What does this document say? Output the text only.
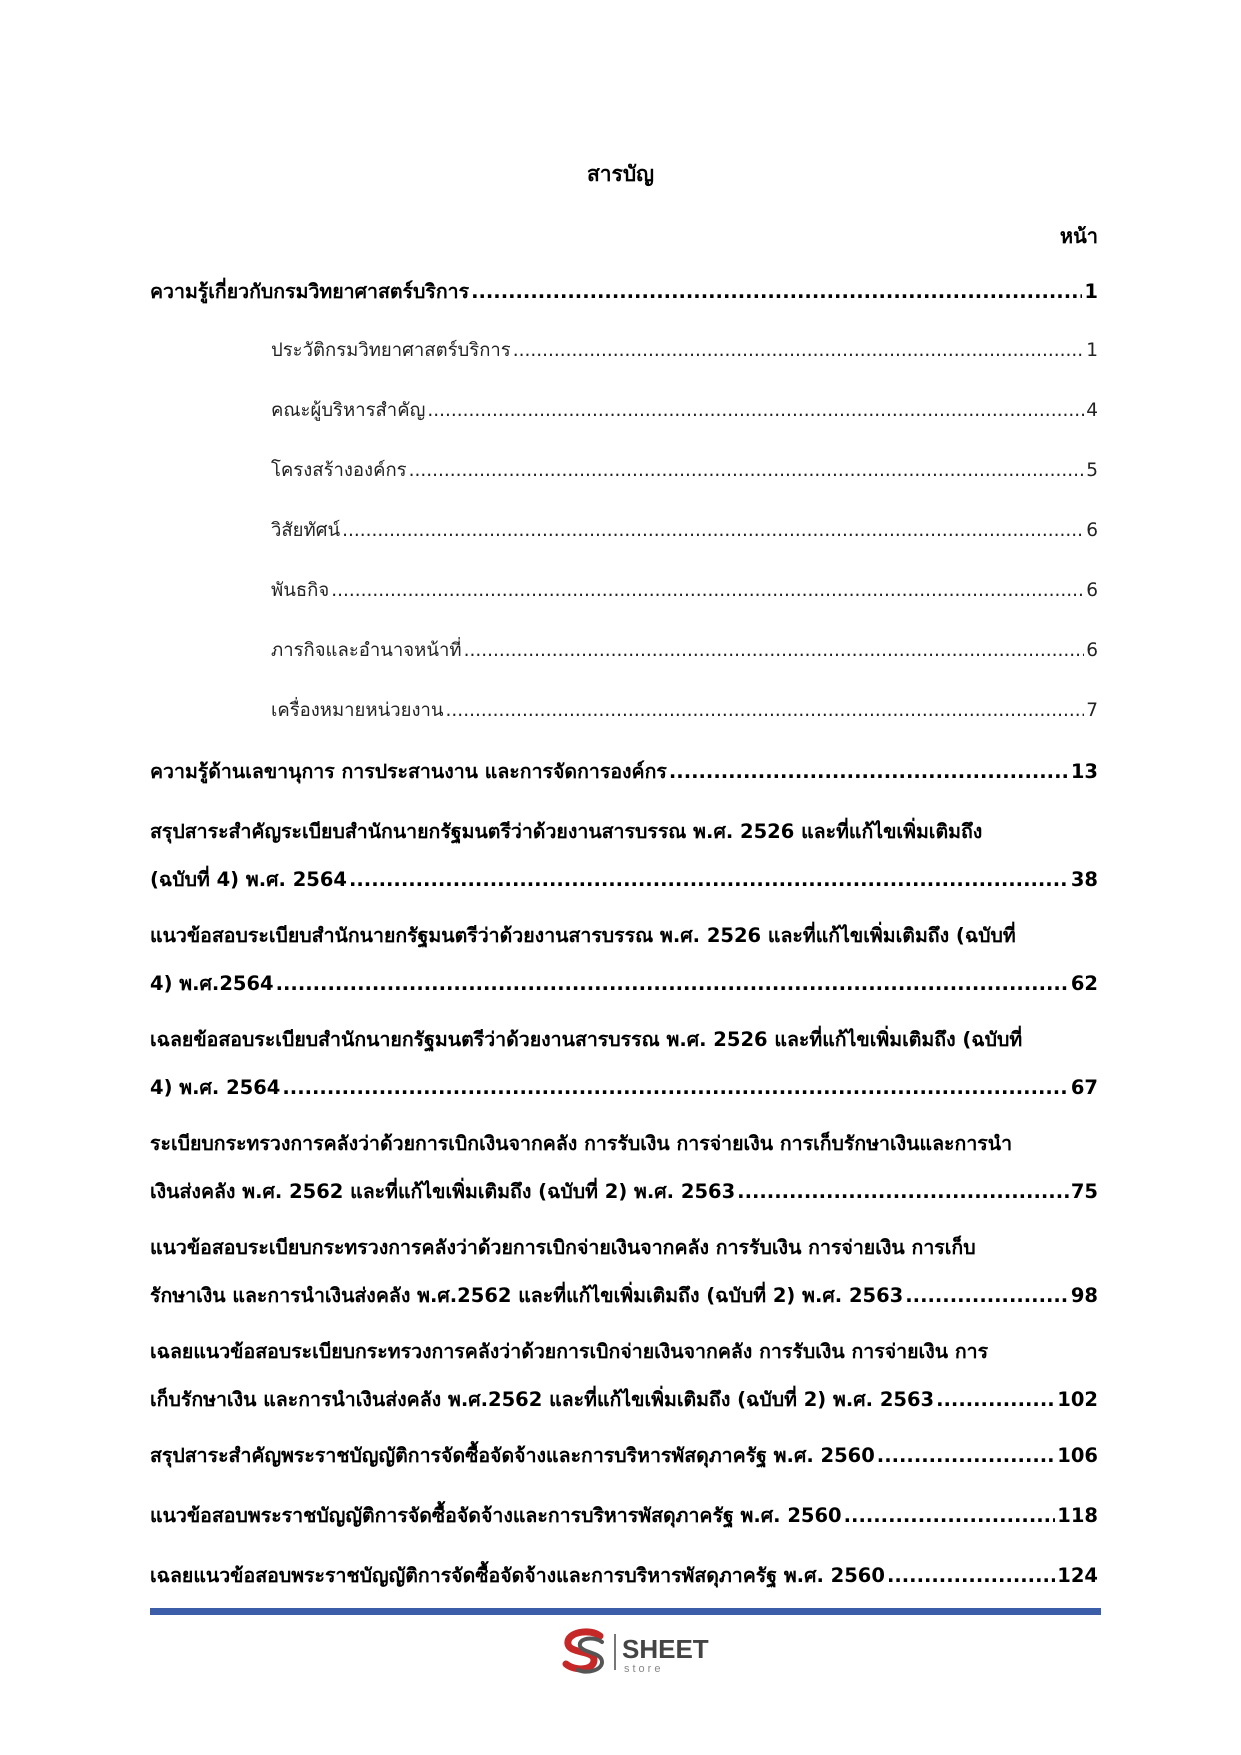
สารบัญ
หน้า
ความรู้เกี่ยวกับกรมวิทยาศาสตร์บริการ .....	1
ประวัติกรมวิทยาศาสตร์บริการ .....	1
คณะผู้บริหารสำคัญ .....	4
โครงสร้างองค์กร .....	5
วิสัยทัศน์ .....	6
พันธกิจ .....	6
ภารกิจและอำนาจหน้าที่ .....	6
เครื่องหมายหน่วยงาน .....	7
ความรู้ด้านเลขานุการ การประสานงาน และการจัดการองค์กร .....	13
สรุปสาระสำคัญระเบียบสำนักนายกรัฐมนตรีว่าด้วยงานสารบรรณ พ.ศ. 2526 และที่แก้ไขเพิ่มเติมถึง
(ฉบับที่ 4) พ.ศ. 2564 .....	38
แนวข้อสอบระเบียบสำนักนายกรัฐมนตรีว่าด้วยงานสารบรรณ พ.ศ. 2526 และที่แก้ไขเพิ่มเติมถึง (ฉบับที่
4) พ.ศ.2564 .....	62
เฉลยข้อสอบระเบียบสำนักนายกรัฐมนตรีว่าด้วยงานสารบรรณ พ.ศ. 2526 และที่แก้ไขเพิ่มเติมถึง (ฉบับที่
4) พ.ศ. 2564 .....	67
ระเบียบกระทรวงการคลังว่าด้วยการเบิกเงินจากคลัง การรับเงิน การจ่ายเงิน การเก็บรักษาเงินและการนำ
เงินส่งคลัง พ.ศ. 2562 และที่แก้ไขเพิ่มเติมถึง (ฉบับที่ 2) พ.ศ. 2563 .....	75
แนวข้อสอบระเบียบกระทรวงการคลังว่าด้วยการเบิกจ่ายเงินจากคลัง การรับเงิน การจ่ายเงิน การเก็บ
รักษาเงิน และการนำเงินส่งคลัง พ.ศ.2562 และที่แก้ไขเพิ่มเติมถึง (ฉบับที่ 2) พ.ศ. 2563 .....	98
เฉลยแนวข้อสอบระเบียบกระทรวงการคลังว่าด้วยการเบิกจ่ายเงินจากคลัง การรับเงิน การจ่ายเงิน การ
เก็บรักษาเงิน และการนำเงินส่งคลัง พ.ศ.2562 และที่แก้ไขเพิ่มเติมถึง (ฉบับที่ 2) พ.ศ. 2563 .....	102
สรุปสาระสำคัญพระราชบัญญัติการจัดซื้อจัดจ้างและการบริหารพัสดุภาครัฐ พ.ศ. 2560 .....	106
แนวข้อสอบพระราชบัญญัติการจัดซื้อจัดจ้างและการบริหารพัสดุภาครัฐ พ.ศ. 2560 .....	118
เฉลยแนวข้อสอบพระราชบัญญัติการจัดซื้อจัดจ้างและการบริหารพัสดุภาครัฐ พ.ศ. 2560 .....	124
SHEET
store
